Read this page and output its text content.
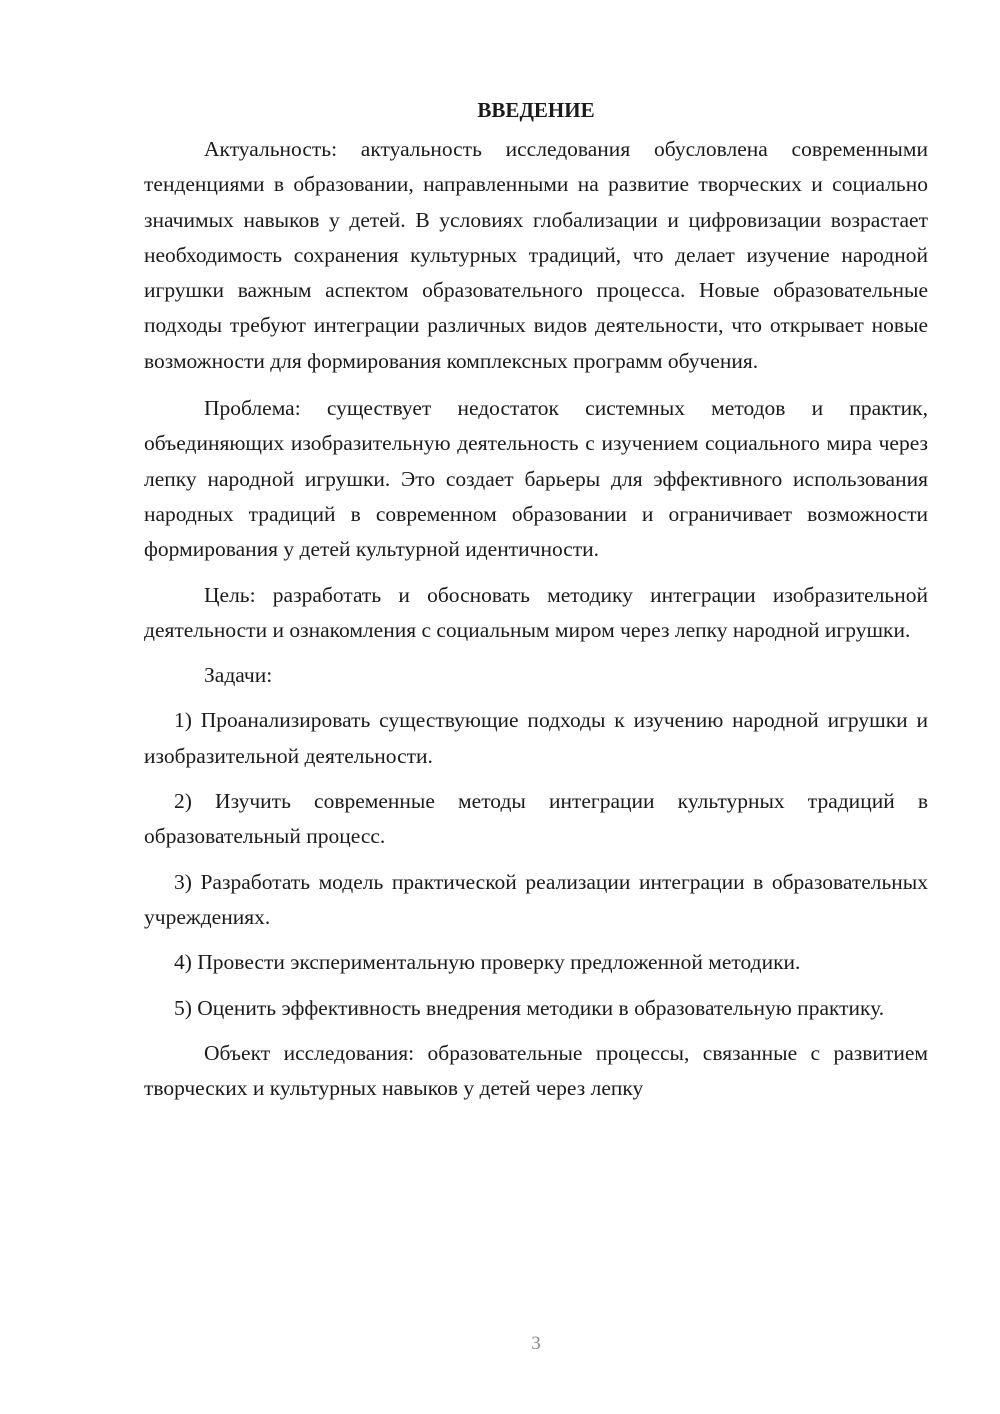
ВВЕДЕНИЕ

Актуальность: актуальность исследования обусловлена современными тенденциями в образовании, направленными на развитие творческих и социально значимых навыков у детей. В условиях глобализации и цифровизации возрастает необходимость сохранения культурных традиций, что делает изучение народной игрушки важным аспектом образовательного процесса. Новые образовательные подходы требуют интеграции различных видов деятельности, что открывает новые возможности для формирования комплексных программ обучения.

Проблема: существует недостаток системных методов и практик, объединяющих изобразительную деятельность с изучением социального мира через лепку народной игрушки. Это создает барьеры для эффективного использования народных традиций в современном образовании и ограничивает возможности формирования у детей культурной идентичности.

Цель: разработать и обосновать методику интеграции изобразительной деятельности и ознакомления с социальным миром через лепку народной игрушки.

Задачи:

1) Проанализировать существующие подходы к изучению народной игрушки и изобразительной деятельности.

2) Изучить современные методы интеграции культурных традиций в образовательный процесс.

3) Разработать модель практической реализации интеграции в образовательных учреждениях.

4) Провести экспериментальную проверку предложенной методики.

5) Оценить эффективность внедрения методики в образовательную практику.

Объект исследования: образовательные процессы, связанные с развитием творческих и культурных навыков у детей через лепку

3
